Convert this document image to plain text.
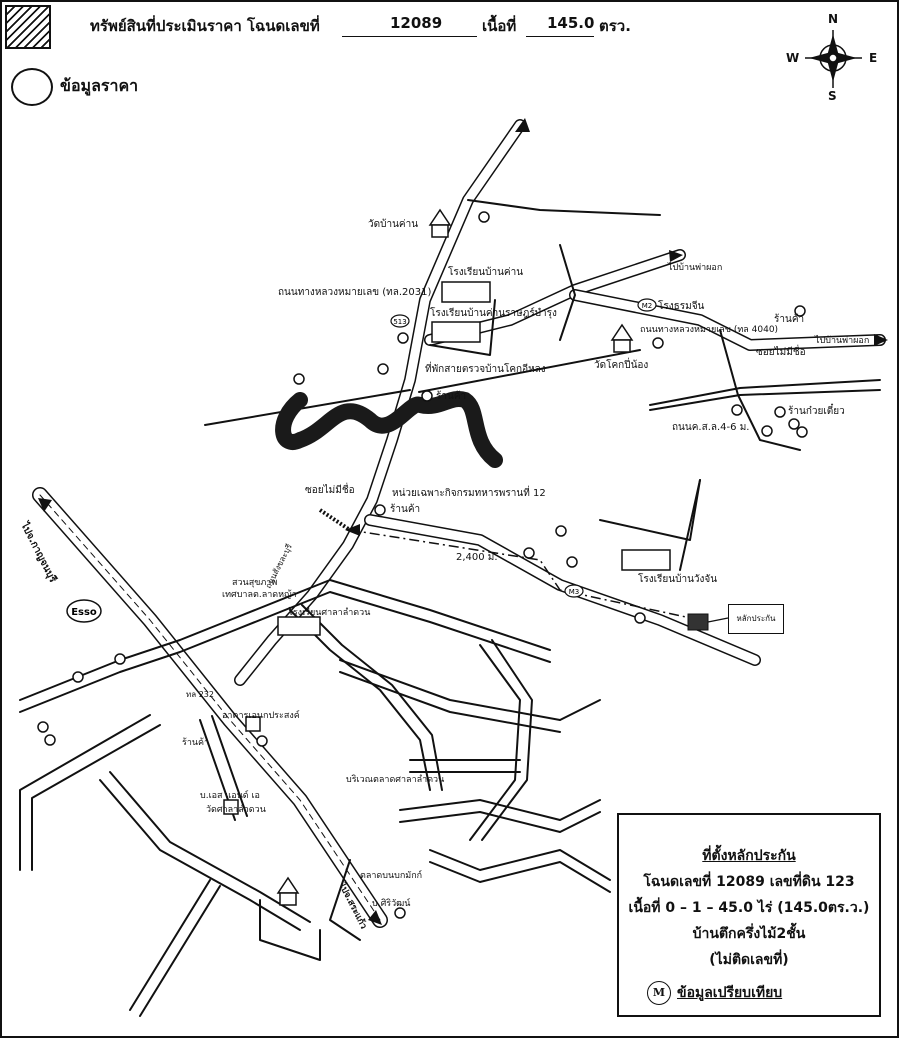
ทรัพย์สินที่ประเมินราคา โฉนดเลขที่	12089	เนื้อที่ 145.0 ตรว.
ข้อมูลราคา
M2
513
M3
Esso
N
S
E
W
วัดบ้านค่าน
ถนนทางหลวงหมายเลข (ทล.2031)
โรงเรียนบ้านค่าน
โรงเรียนบ้านค่านราษฎร์บำรุง
ไปบ้านพ่าผอก
ไปบ้านพ่าผอก
ถนนทางหลวงหมายเลข (ทล 4040)
ร้านค้า
โรงธรมจีน
ซอยไม่มีชื่อ
วัดโคกปี่น้อง
ที่พักสายตรวจบ้านโคกอีหลง
ร้านค้า
ร้านก๋วยเตี๋ยว
ถนนค.ส.ล.4-6 ม.
ซอยไม่มีชื่อ	หน่วยเฉพาะกิจกรมทหารพรานที่ 12
ร้านค้า
2,400 ม.
โรงเรียนบ้านวังจัน
หลักประกัน
ไปจ.กาญจนบุรี	สวนสุขภาพ
เทศบาลต.ลาดหญ้า
โรงเรียนศาลาลำดวน
ถนนสังขละบุรี
บริเวณตลาดศาลาลำดวน
อาคารเอนกประสงค์
ร้านค้า
บ.เอส แอนด์ เอ
วัดศาลาลำดวน
บ.ศิริวัฒน์
ตลาดบนบกมักก์
ไปจ.สระแก้ว
ทล 232
ที่ตั้งหลักประกัน
โฉนดเลขที่ 12089 เลขที่ดิน 123
เนื้อที่ 0 – 1 – 45.0 ไร่ (145.0ตร.ว.)
บ้านตึกครึ่งไม้2ชั้น
(ไม่ติดเลขที่)
M ข้อมูลเปรียบเทียบ
